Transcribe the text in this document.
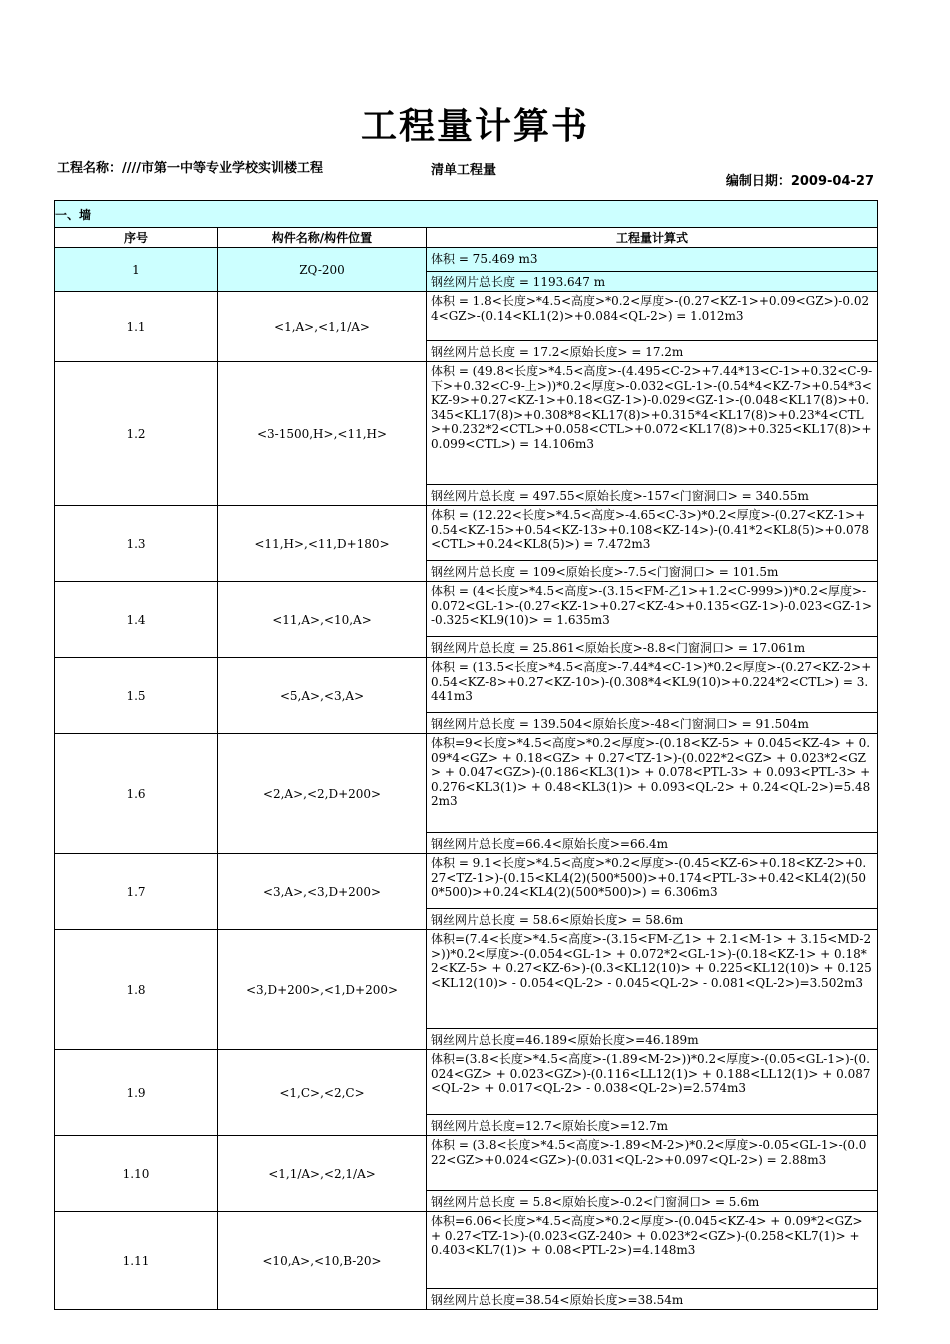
工程量计算书
工程名称：////市第一中等专业学校实训楼工程	清单工程量
编制日期：2009-04-27
一、墙		
序号	构件名称/构件位置	工程量计算式
1	ZQ-200	体积 = 75.469 m3
		钢丝网片总长度 = 1193.647 m
1.1	<1,A>,<1,1/A>	体积 = 1.8<长度>*4.5<高度>*0.2<厚度>-(0.27<KZ-1>+0.09<GZ>)-0.024<GZ>-(0.14<KL1(2)>+0.084<QL-2>) = 1.012m3
		钢丝网片总长度 = 17.2<原始长度> = 17.2m
1.2	<3-1500,H>,<11,H>	体积 = (49.8<长度>*4.5<高度>-(4.495<C-2>+7.44*13<C-1>+0.32<C-9-下>+0.32<C-9-上>))*0.2<厚度>-0.032<GL-1>-(0.54*4<KZ-7>+0.54*3<KZ-9>+0.27<KZ-1>+0.18<GZ-1>)-0.029<GZ-1>-(0.048<KL17(8)>+0.345<KL17(8)>+0.308*8<KL17(8)>+0.315*4<KL17(8)>+0.23*4<CTL>+0.232*2<CTL>+0.058<CTL>+0.072<KL17(8)>+0.325<KL17(8)>+0.099<CTL>) = 14.106m3
		钢丝网片总长度 = 497.55<原始长度>-157<门窗洞口> = 340.55m
1.3	<11,H>,<11,D+180>	体积 = (12.22<长度>*4.5<高度>-4.65<C-3>)*0.2<厚度>-(0.27<KZ-1>+0.54<KZ-15>+0.54<KZ-13>+0.108<KZ-14>)-(0.41*2<KL8(5)>+0.078<CTL>+0.24<KL8(5)>) = 7.472m3
		钢丝网片总长度 = 109<原始长度>-7.5<门窗洞口> = 101.5m
1.4	<11,A>,<10,A>	体积 = (4<长度>*4.5<高度>-(3.15<FM-乙1>+1.2<C-999>))*0.2<厚度>-0.072<GL-1>-(0.27<KZ-1>+0.27<KZ-4>+0.135<GZ-1>)-0.023<GZ-1>-0.325<KL9(10)> = 1.635m3
		钢丝网片总长度 = 25.861<原始长度>-8.8<门窗洞口> = 17.061m
1.5	<5,A>,<3,A>	体积 = (13.5<长度>*4.5<高度>-7.44*4<C-1>)*0.2<厚度>-(0.27<KZ-2>+0.54<KZ-8>+0.27<KZ-10>)-(0.308*4<KL9(10)>+0.224*2<CTL>) = 3.441m3
		钢丝网片总长度 = 139.504<原始长度>-48<门窗洞口> = 91.504m
1.6	<2,A>,<2,D+200>	体积=9<长度>*4.5<高度>*0.2<厚度>-(0.18<KZ-5> + 0.045<KZ-4> + 0.09*4<GZ> + 0.18<GZ> + 0.27<TZ-1>)-(0.022*2<GZ> + 0.023*2<GZ> + 0.047<GZ>)-(0.186<KL3(1)> + 0.078<PTL-3> + 0.093<PTL-3> + 0.276<KL3(1)> + 0.48<KL3(1)> + 0.093<QL-2> + 0.24<QL-2>)=5.482m3
		钢丝网片总长度=66.4<原始长度>=66.4m
1.7	<3,A>,<3,D+200>	体积 = 9.1<长度>*4.5<高度>*0.2<厚度>-(0.45<KZ-6>+0.18<KZ-2>+0.27<TZ-1>)-(0.15<KL4(2)(500*500)>+0.174<PTL-3>+0.42<KL4(2)(500*500)>+0.24<KL4(2)(500*500)>) = 6.306m3
		钢丝网片总长度 = 58.6<原始长度> = 58.6m
1.8	<3,D+200>,<1,D+200>	体积=(7.4<长度>*4.5<高度>-(3.15<FM-乙1> + 2.1<M-1> + 3.15<MD-2>))*0.2<厚度>-(0.054<GL-1> + 0.072*2<GL-1>)-(0.18<KZ-1> + 0.18*2<KZ-5> + 0.27<KZ-6>)-(0.3<KL12(10)> + 0.225<KL12(10)> + 0.125<KL12(10)> - 0.054<QL-2> - 0.045<QL-2> - 0.081<QL-2>)=3.502m3
		钢丝网片总长度=46.189<原始长度>=46.189m
1.9	<1,C>,<2,C>	体积=(3.8<长度>*4.5<高度>-(1.89<M-2>))*0.2<厚度>-(0.05<GL-1>)-(0.024<GZ> + 0.023<GZ>)-(0.116<LL12(1)> + 0.188<LL12(1)> + 0.087<QL-2> + 0.017<QL-2> - 0.038<QL-2>)=2.574m3
		钢丝网片总长度=12.7<原始长度>=12.7m
1.10	<1,1/A>,<2,1/A>	体积 = (3.8<长度>*4.5<高度>-1.89<M-2>)*0.2<厚度>-0.05<GL-1>-(0.022<GZ>+0.024<GZ>)-(0.031<QL-2>+0.097<QL-2>) = 2.88m3
		钢丝网片总长度 = 5.8<原始长度>-0.2<门窗洞口> = 5.6m
1.11	<10,A>,<10,B-20>	体积=6.06<长度>*4.5<高度>*0.2<厚度>-(0.045<KZ-4> + 0.09*2<GZ> + 0.27<TZ-1>)-(0.023<GZ-240> + 0.023*2<GZ>)-(0.258<KL7(1)> + 0.403<KL7(1)> + 0.08<PTL-2>)=4.148m3
		钢丝网片总长度=38.54<原始长度>=38.54m
